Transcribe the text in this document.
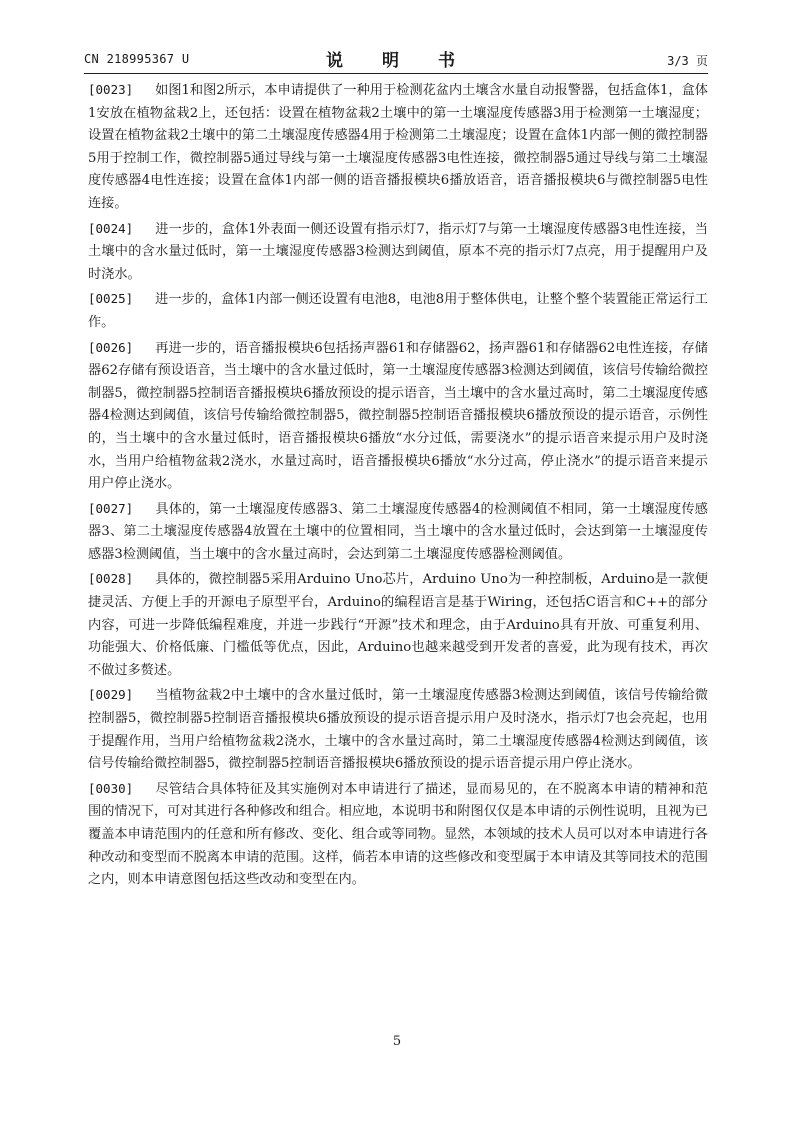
CN 218995367 U	说　明　书	3/3 页

[0023] 如图1和图2所示，本申请提供了一种用于检测花盆内土壤含水量自动报警器，包括盒体1，盒体1安放在植物盆栽2上，还包括：设置在植物盆栽2土壤中的第一土壤湿度传感器3用于检测第一土壤湿度；设置在植物盆栽2土壤中的第二土壤湿度传感器4用于检测第二土壤湿度；设置在盒体1内部一侧的微控制器5用于控制工作，微控制器5通过导线与第一土壤湿度传感器3电性连接，微控制器5通过导线与第二土壤湿度传感器4电性连接；设置在盒体1内部一侧的语音播报模块6播放语音，语音播报模块6与微控制器5电性连接。

[0024] 进一步的，盒体1外表面一侧还设置有指示灯7，指示灯7与第一土壤湿度传感器3电性连接，当土壤中的含水量过低时，第一土壤湿度传感器3检测达到阈值，原本不亮的指示灯7点亮，用于提醒用户及时浇水。

[0025] 进一步的，盒体1内部一侧还设置有电池8，电池8用于整体供电，让整个整个装置能正常运行工作。

[0026] 再进一步的，语音播报模块6包括扬声器61和存储器62，扬声器61和存储器62电性连接，存储器62存储有预设语音，当土壤中的含水量过低时，第一土壤湿度传感器3检测达到阈值，该信号传输给微控制器5，微控制器5控制语音播报模块6播放预设的提示语音，当土壤中的含水量过高时，第二土壤湿度传感器4检测达到阈值，该信号传输给微控制器5，微控制器5控制语音播报模块6播放预设的提示语音，示例性的，当土壤中的含水量过低时，语音播报模块6播放“水分过低，需要浇水”的提示语音来提示用户及时浇水，当用户给植物盆栽2浇水，水量过高时，语音播报模块6播放“水分过高，停止浇水”的提示语音来提示用户停止浇水。

[0027] 具体的，第一土壤湿度传感器3、第二土壤湿度传感器4的检测阈值不相同，第一土壤湿度传感器3、第二土壤湿度传感器4放置在土壤中的位置相同，当土壤中的含水量过低时，会达到第一土壤湿度传感器3检测阈值，当土壤中的含水量过高时，会达到第二土壤湿度传感器检测阈值。

[0028] 具体的，微控制器5采用Arduino Uno芯片，Arduino Uno为一种控制板，Arduino是一款便捷灵活、方便上手的开源电子原型平台，Arduino的编程语言是基于Wiring，还包括C语言和C++的部分内容，可进一步降低编程难度，并进一步践行“开源”技术和理念，由于Arduino具有开放、可重复利用、功能强大、价格低廉、门槛低等优点，因此，Arduino也越来越受到开发者的喜爱，此为现有技术，再次不做过多赘述。

[0029] 当植物盆栽2中土壤中的含水量过低时，第一土壤湿度传感器3检测达到阈值，该信号传输给微控制器5，微控制器5控制语音播报模块6播放预设的提示语音提示用户及时浇水，指示灯7也会亮起，也用于提醒作用，当用户给植物盆栽2浇水，土壤中的含水量过高时，第二土壤湿度传感器4检测达到阈值，该信号传输给微控制器5，微控制器5控制语音播报模块6播放预设的提示语音提示用户停止浇水。

[0030] 尽管结合具体特征及其实施例对本申请进行了描述，显而易见的，在不脱离本申请的精神和范围的情况下，可对其进行各种修改和组合。相应地，本说明书和附图仅仅是本申请的示例性说明，且视为已覆盖本申请范围内的任意和所有修改、变化、组合或等同物。显然，本领域的技术人员可以对本申请进行各种改动和变型而不脱离本申请的范围。这样，倘若本申请的这些修改和变型属于本申请及其等同技术的范围之内，则本申请意图包括这些改动和变型在内。

5
